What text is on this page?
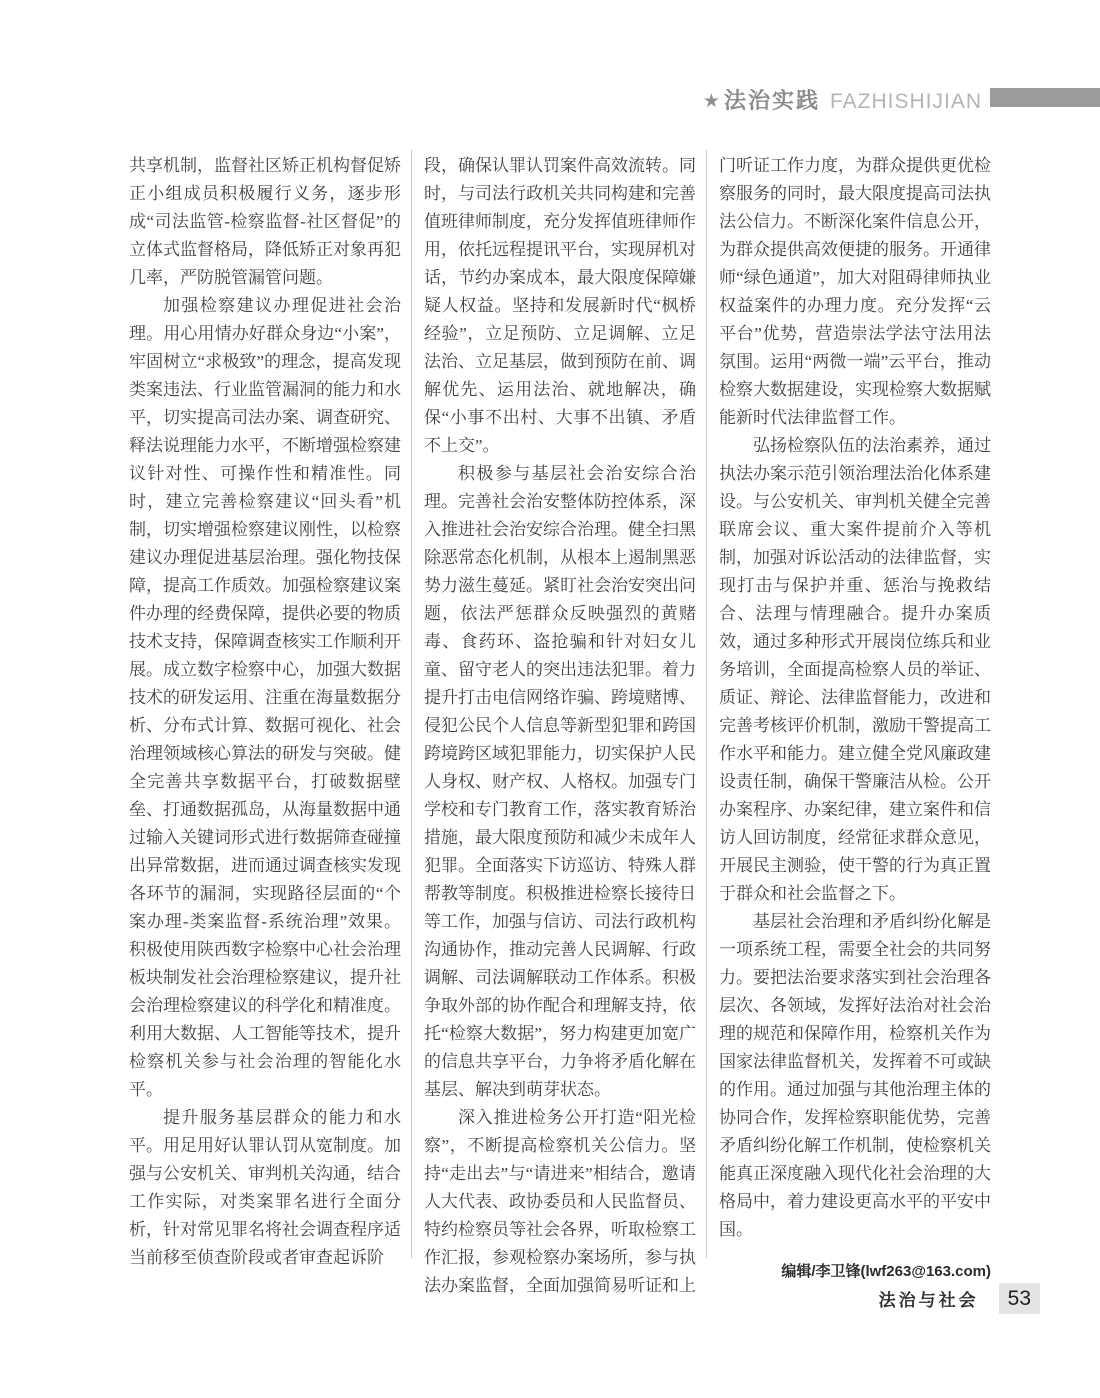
★ 法治实践 FAZHISHIJIAN

共享机制，监督社区矫正机构督促矫正小组成员积极履行义务，逐步形成“司法监管-检察监督-社区督促”的立体式监督格局，降低矫正对象再犯几率，严防脱管漏管问题。

加强检察建议办理促进社会治理。用心用情办好群众身边“小案”，牢固树立“求极致”的理念，提高发现类案违法、行业监管漏洞的能力和水平，切实提高司法办案、调查研究、释法说理能力水平，不断增强检察建议针对性、可操作性和精准性。同时，建立完善检察建议“回头看”机制，切实增强检察建议刚性，以检察建议办理促进基层治理。强化物技保障，提高工作质效。加强检察建议案件办理的经费保障，提供必要的物质技术支持，保障调查核实工作顺利开展。成立数字检察中心，加强大数据技术的研发运用、注重在海量数据分析、分布式计算、数据可视化、社会治理领域核心算法的研发与突破。健全完善共享数据平台，打破数据壁垒、打通数据孤岛，从海量数据中通过输入关键词形式进行数据筛查碰撞出异常数据，进而通过调查核实发现各环节的漏洞，实现路径层面的“个案办理-类案监督-系统治理”效果。积极使用陕西数字检察中心社会治理板块制发社会治理检察建议，提升社会治理检察建议的科学化和精准度。利用大数据、人工智能等技术，提升检察机关参与社会治理的智能化水平。

提升服务基层群众的能力和水平。用足用好认罪认罚从宽制度。加强与公安机关、审判机关沟通，结合工作实际，对类案罪名进行全面分析，针对常见罪名将社会调查程序适当前移至侦查阶段或者审查起诉阶

段，确保认罪认罚案件高效流转。同时，与司法行政机关共同构建和完善值班律师制度，充分发挥值班律师作用，依托远程提讯平台，实现屏机对话，节约办案成本，最大限度保障嫌疑人权益。坚持和发展新时代“枫桥经验”，立足预防、立足调解、立足法治、立足基层，做到预防在前、调解优先、运用法治、就地解决，确保“小事不出村、大事不出镇、矛盾不上交”。

积极参与基层社会治安综合治理。完善社会治安整体防控体系，深入推进社会治安综合治理。健全扫黑除恶常态化机制，从根本上遏制黑恶势力滋生蔓延。紧盯社会治安突出问题，依法严惩群众反映强烈的黄赌毒、食药环、盗抢骗和针对妇女儿童、留守老人的突出违法犯罪。着力提升打击电信网络诈骗、跨境赌博、侵犯公民个人信息等新型犯罪和跨国跨境跨区域犯罪能力，切实保护人民人身权、财产权、人格权。加强专门学校和专门教育工作，落实教育矫治措施，最大限度预防和减少未成年人犯罪。全面落实下访巡访、特殊人群帮教等制度。积极推进检察长接待日等工作，加强与信访、司法行政机构沟通协作，推动完善人民调解、行政调解、司法调解联动工作体系。积极争取外部的协作配合和理解支持，依托“检察大数据”，努力构建更加宽广的信息共享平台，力争将矛盾化解在基层、解决到萌芽状态。

深入推进检务公开打造“阳光检察”，不断提高检察机关公信力。坚持“走出去”与“请进来”相结合，邀请人大代表、政协委员和人民监督员、特约检察员等社会各界，听取检察工作汇报，参观检察办案场所，参与执法办案监督，全面加强简易听证和上

门听证工作力度，为群众提供更优检察服务的同时，最大限度提高司法执法公信力。不断深化案件信息公开，为群众提供高效便捷的服务。开通律师“绿色通道”，加大对阻碍律师执业权益案件的办理力度。充分发挥“云平台”优势，营造崇法学法守法用法氛围。运用“两微一端”云平台，推动检察大数据建设，实现检察大数据赋能新时代法律监督工作。

弘扬检察队伍的法治素养，通过执法办案示范引领治理法治化体系建设。与公安机关、审判机关健全完善联席会议、重大案件提前介入等机制，加强对诉讼活动的法律监督，实现打击与保护并重、惩治与挽救结合、法理与情理融合。提升办案质效，通过多种形式开展岗位练兵和业务培训，全面提高检察人员的举证、质证、辩论、法律监督能力，改进和完善考核评价机制，激励干警提高工作水平和能力。建立健全党风廉政建设责任制，确保干警廉洁从检。公开办案程序、办案纪律，建立案件和信访人回访制度，经常征求群众意见，开展民主测验，使干警的行为真正置于群众和社会监督之下。

基层社会治理和矛盾纠纷化解是一项系统工程，需要全社会的共同努力。要把法治要求落实到社会治理各层次、各领域，发挥好法治对社会治理的规范和保障作用，检察机关作为国家法律监督机关，发挥着不可或缺的作用。通过加强与其他治理主体的协同合作，发挥检察职能优势，完善矛盾纠纷化解工作机制，使检察机关能真正深度融入现代化社会治理的大格局中，着力建设更高水平的平安中国。

编辑/李卫锋(lwf263@163.com)
法治与社会	53
